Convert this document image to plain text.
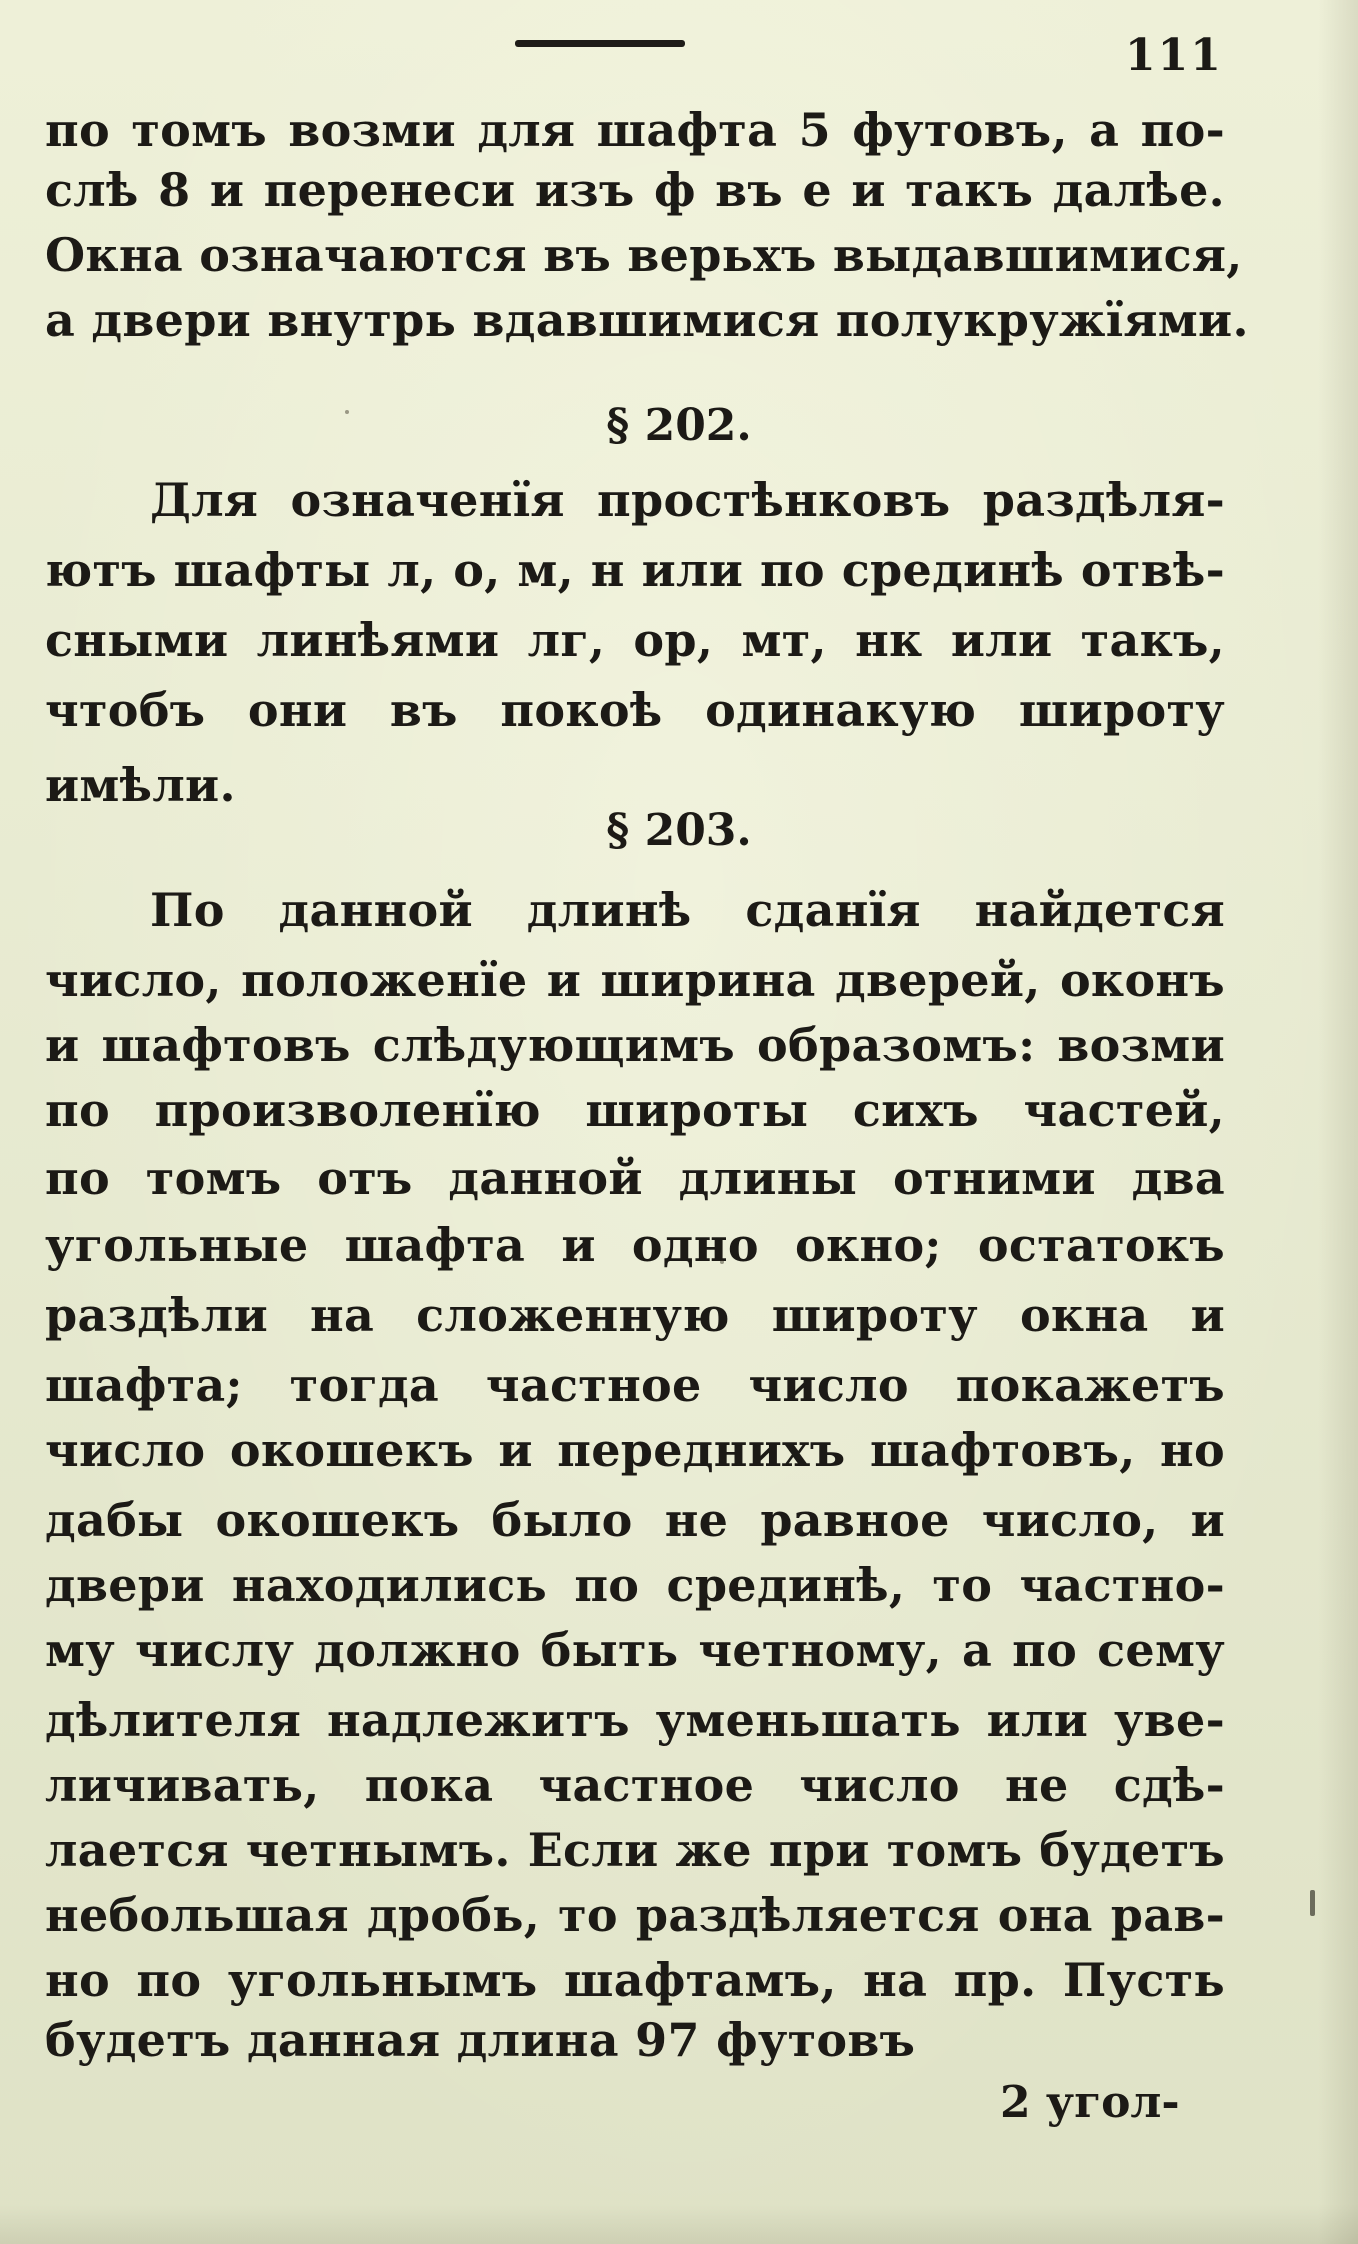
111
по томъ возми для шафта 5 футовъ, а по-
слѣ 8 и перенеси изъ ф въ е и такъ далѣе.
Окна означаются въ верьхъ выдавшимися,
а двери внутрь вдавшимися полукружїями.
§ 202.
Для означенїя простѣнковъ раздѣля-
ютъ шафты л, о, м, н или по срединѣ отвѣ-
сными линѣями лг, ор, мт, нк или такъ,
чтобъ они въ покоѣ одинакую широту
имѣли.
§ 203.
По данной длинѣ сданїя найдется
число, положенїе и ширина дверей, оконъ
и шафтовъ слѣдующимъ образомъ: возми
по произволенїю широты сихъ частей,
по томъ отъ данной длины отними два
угольные шафта и одно окно; остатокъ
раздѣли на сложенную широту окна и
шафта; тогда частное число покажетъ
число окошекъ и переднихъ шафтовъ, но
дабы окошекъ было не равное число, и
двери находились по срединѣ, то частно-
му числу должно быть четному, а по сему
дѣлителя надлежитъ уменьшать или уве-
личивать, пока частное число не сдѣ-
лается четнымъ. Если же при томъ будетъ
небольшая дробь, то раздѣляется она рав-
но по угольнымъ шафтамъ, на пр. Пусть
будетъ данная длина 97 футовъ
2 угол-
